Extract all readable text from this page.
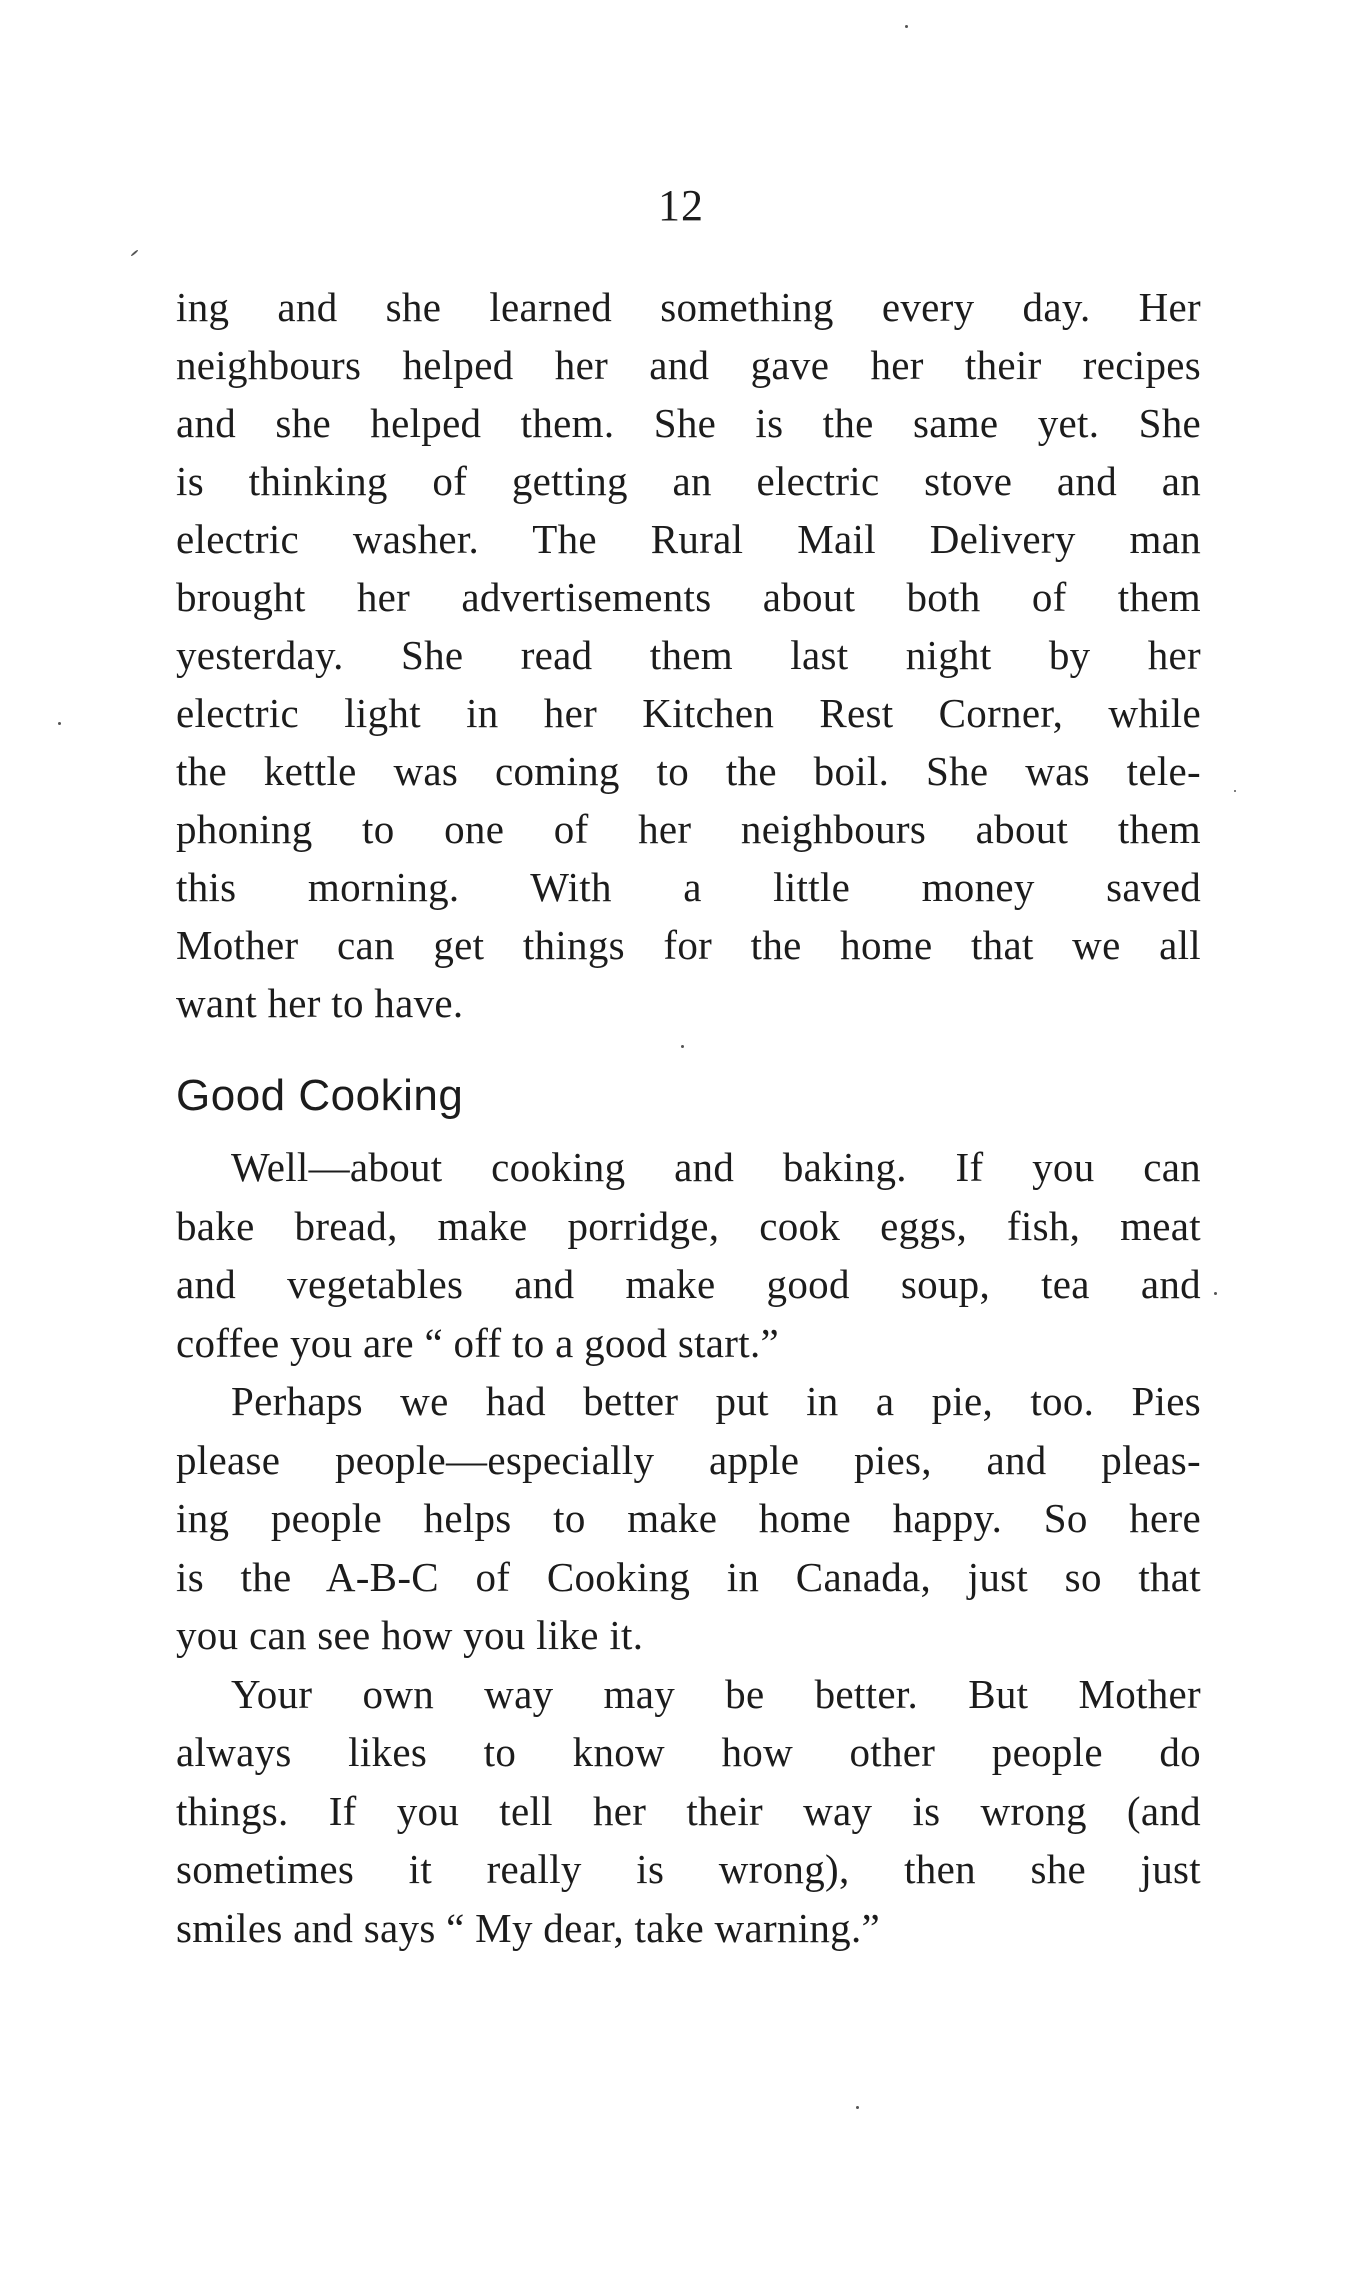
12
ing and she learned something every day. Her
neighbours helped her and gave her their recipes
and she helped them. She is the same yet. She
is thinking of getting an electric stove and an
electric washer. The Rural Mail Delivery man
brought her advertisements about both of them
yesterday. She read them last night by her
electric light in her Kitchen Rest Corner, while
the kettle was coming to the boil. She was tele-
phoning to one of her neighbours about them
this morning. With a little money saved
Mother can get things for the home that we all
want her to have.
Good Cooking
Well—about cooking and baking. If you can
bake bread, make porridge, cook eggs, fish, meat
and vegetables and make good soup, tea and
coffee you are “ off to a good start.”
Perhaps we had better put in a pie, too. Pies
please people—especially apple pies, and pleas-
ing people helps to make home happy. So here
is the A-B-C of Cooking in Canada, just so that
you can see how you like it.
Your own way may be better. But Mother
always likes to know how other people do
things. If you tell her their way is wrong (and
sometimes it really is wrong), then she just
smiles and says “ My dear, take warning.”
